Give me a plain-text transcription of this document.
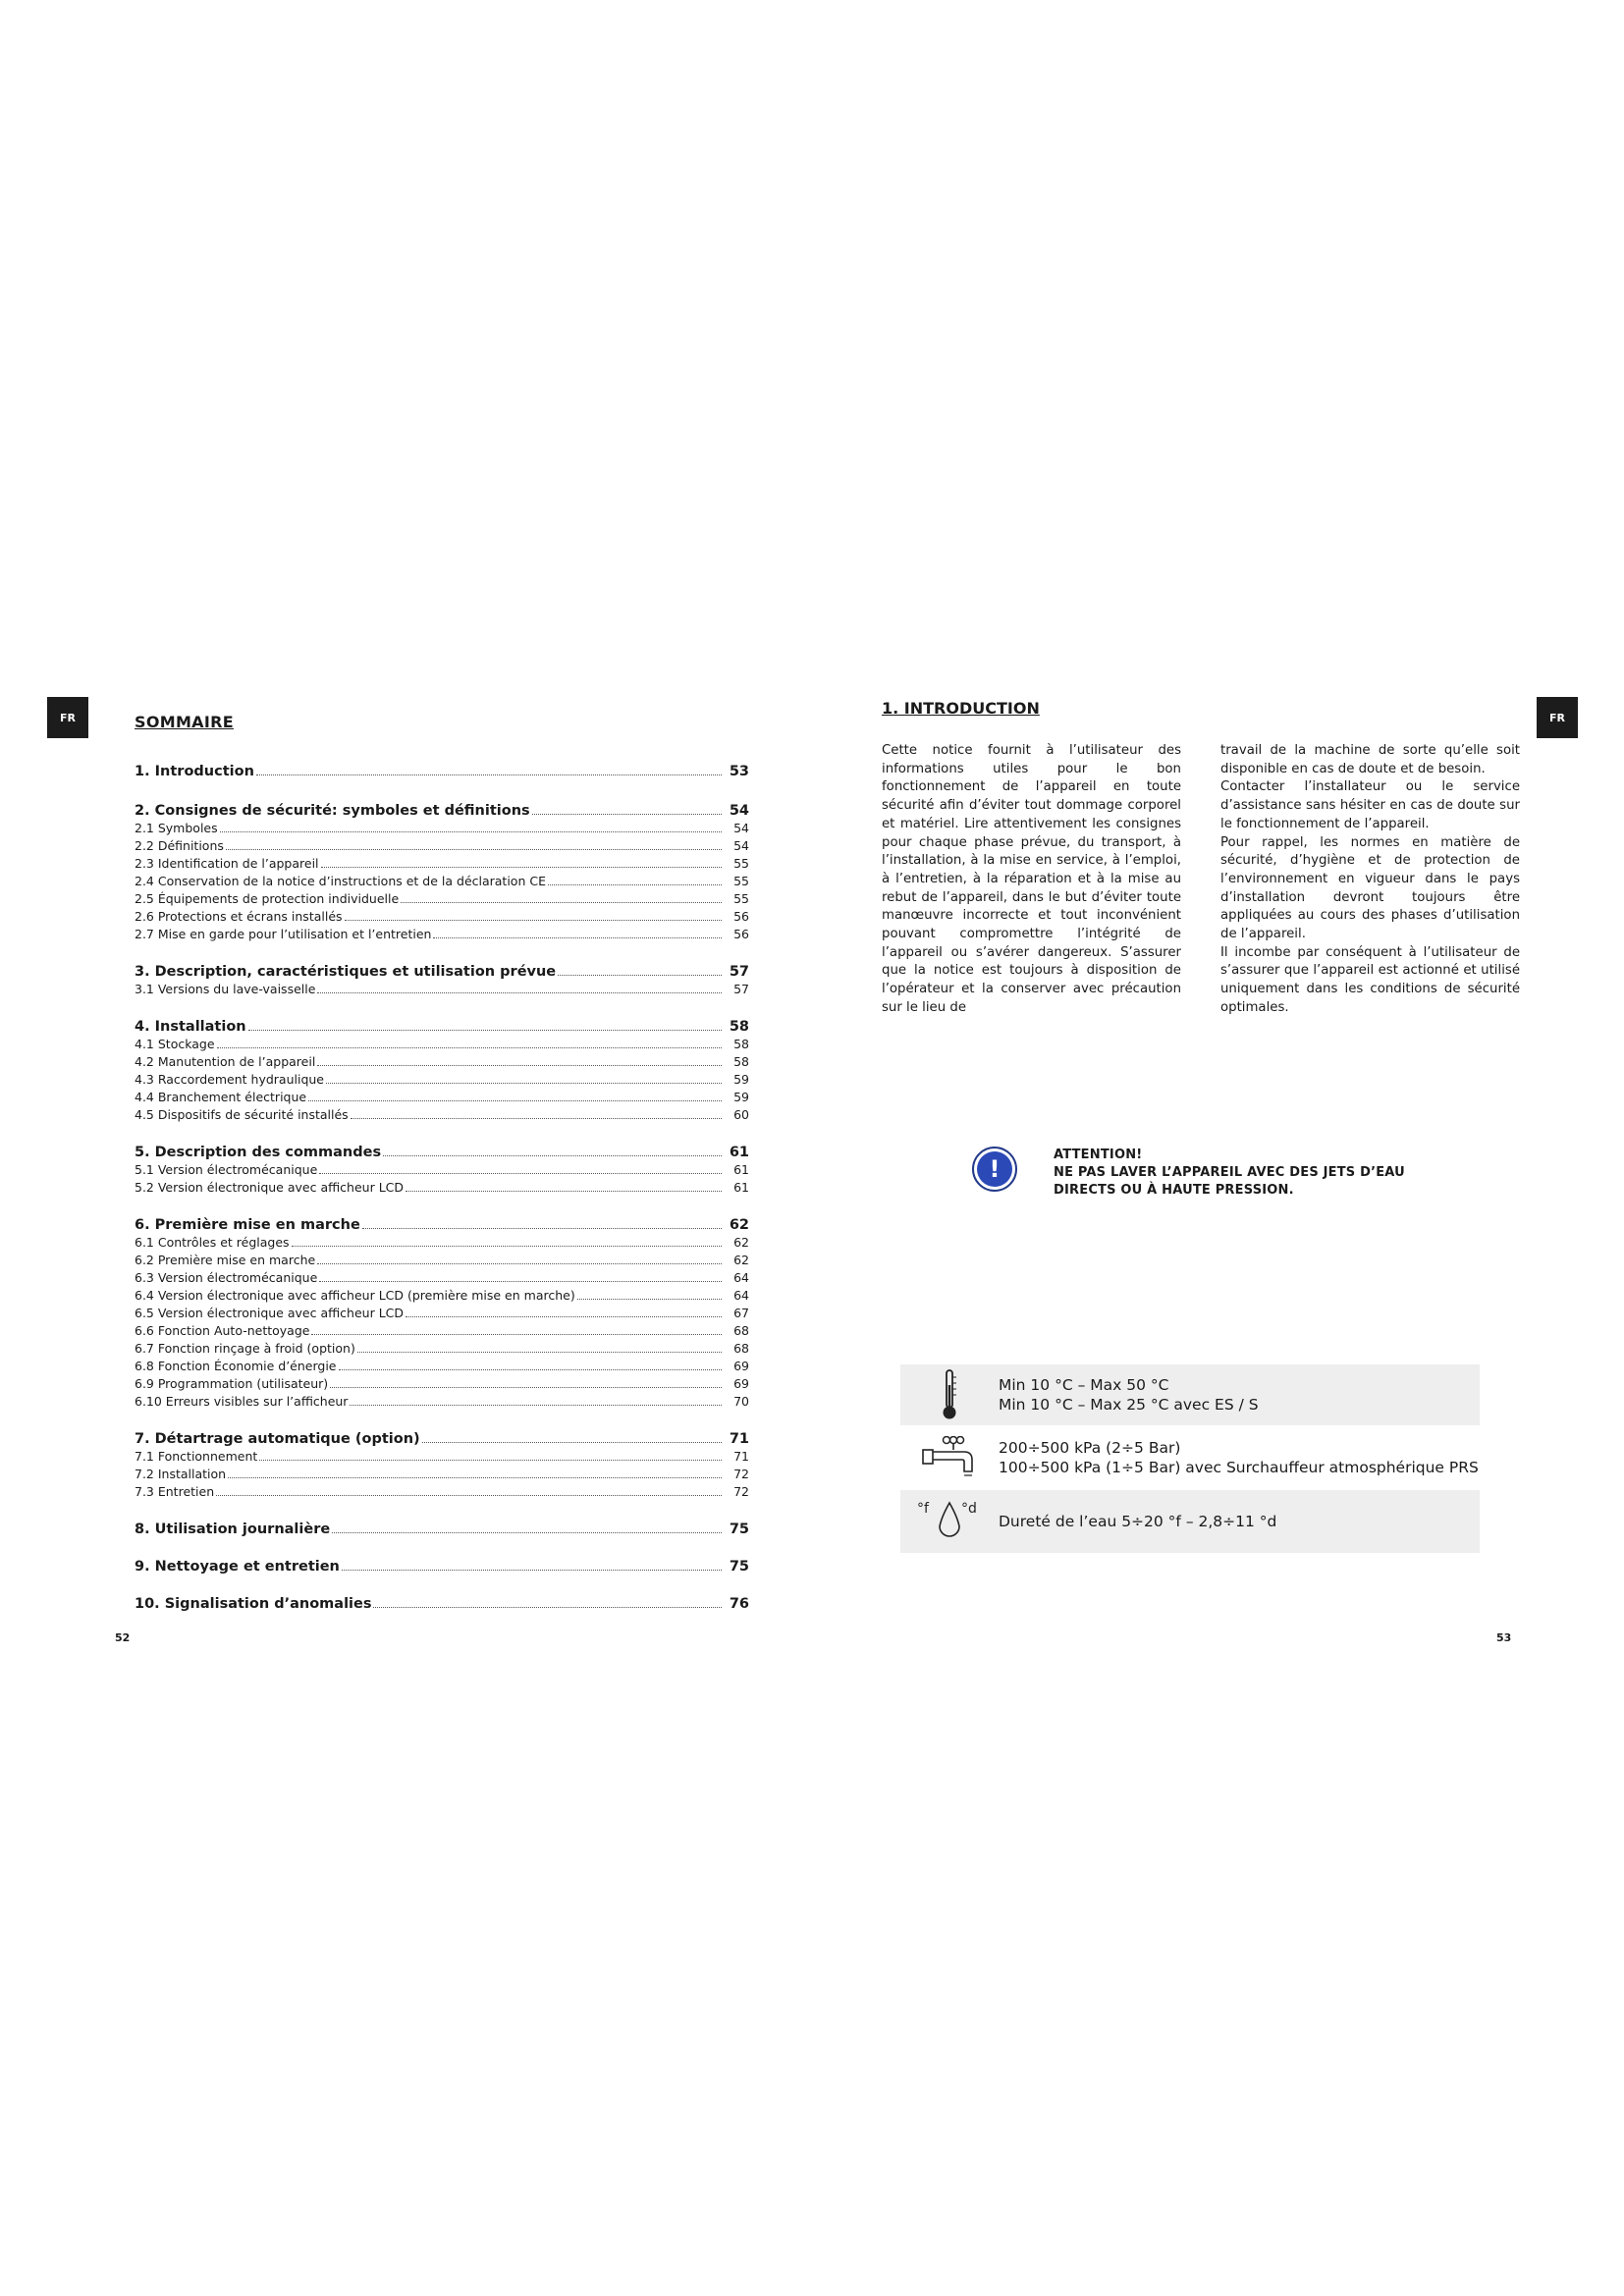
FR	SOMMAIRE
1. Introduction	53
2. Consignes de sécurité: symboles et définitions	54
2.1 Symboles	54
2.2 Définitions	54
2.3 Identification de l’appareil	55
2.4 Conservation de la notice d’instructions et de la déclaration CE	55
2.5 Équipements de protection individuelle	55
2.6 Protections et écrans installés	56
2.7 Mise en garde pour l’utilisation et l’entretien	56
3. Description, caractéristiques et utilisation prévue	57
3.1 Versions du lave-vaisselle	57
4. Installation	58
4.1 Stockage	58
4.2 Manutention de l’appareil	58
4.3 Raccordement hydraulique	59
4.4 Branchement électrique	59
4.5 Dispositifs de sécurité installés	60
5. Description des commandes	61
5.1 Version électromécanique	61
5.2 Version électronique avec afficheur LCD	61
6. Première mise en marche	62
6.1 Contrôles et réglages	62
6.2 Première mise en marche	62
6.3 Version électromécanique	64
6.4 Version électronique avec afficheur LCD (première mise en marche)	64
6.5 Version électronique avec afficheur LCD	67
6.6 Fonction Auto-nettoyage	68
6.7 Fonction rinçage à froid (option)	68
6.8 Fonction Économie d’énergie	69
6.9 Programmation (utilisateur)	69
6.10 Erreurs visibles sur l’afficheur	70
7. Détartrage automatique (option)	71
7.1 Fonctionnement	71
7.2 Installation	72
7.3 Entretien	72
8. Utilisation journalière	75
9. Nettoyage et entretien	75
10. Signalisation d’anomalies	76
52
FR
1. INTRODUCTION

Cette notice fournit à l’utilisateur des informations utiles pour le bon fonctionnement de l’appareil en toute sécurité afin d’éviter tout dommage corporel et matériel. Lire attentivement les consignes pour chaque phase prévue, du transport, à l’installation, à la mise en service, à l’emploi, à l’entretien, à la réparation et à la mise au rebut de l’appareil, dans le but d’éviter toute manœuvre incorrecte et tout inconvénient pouvant compromettre l’intégrité de l’appareil ou s’avérer dangereux. S’assurer que la notice est toujours à disposition de l’opérateur et la conserver avec précaution sur le lieu de

travail de la machine de sorte qu’elle soit disponible en cas de doute et de besoin.

Contacter l’installateur ou le service d’assistance sans hésiter en cas de doute sur le fonctionnement de l’appareil.

Pour rappel, les normes en matière de sécurité, d’hygiène et de protection de l’environnement en vigueur dans le pays d’installation devront toujours être appliquées au cours des phases d’utilisation de l’appareil.

Il incombe par conséquent à l’utilisateur de s’assurer que l’appareil est actionné et utilisé uniquement dans les conditions de sécurité optimales.

!
ATTENTION!
NE PAS LAVER L’APPAREIL AVEC DES JETS D’EAU
DIRECTS OU À HAUTE PRESSION.
Min 10 °C – Max 50 °C
Min 10 °C – Max 25 °C avec ES / S
200÷500 kPa (2÷5 Bar)
100÷500 kPa (1÷5 Bar) avec Surchauffeur atmosphérique PRS
°f °d
Dureté de l’eau 5÷20 °f – 2,8÷11 °d
53
